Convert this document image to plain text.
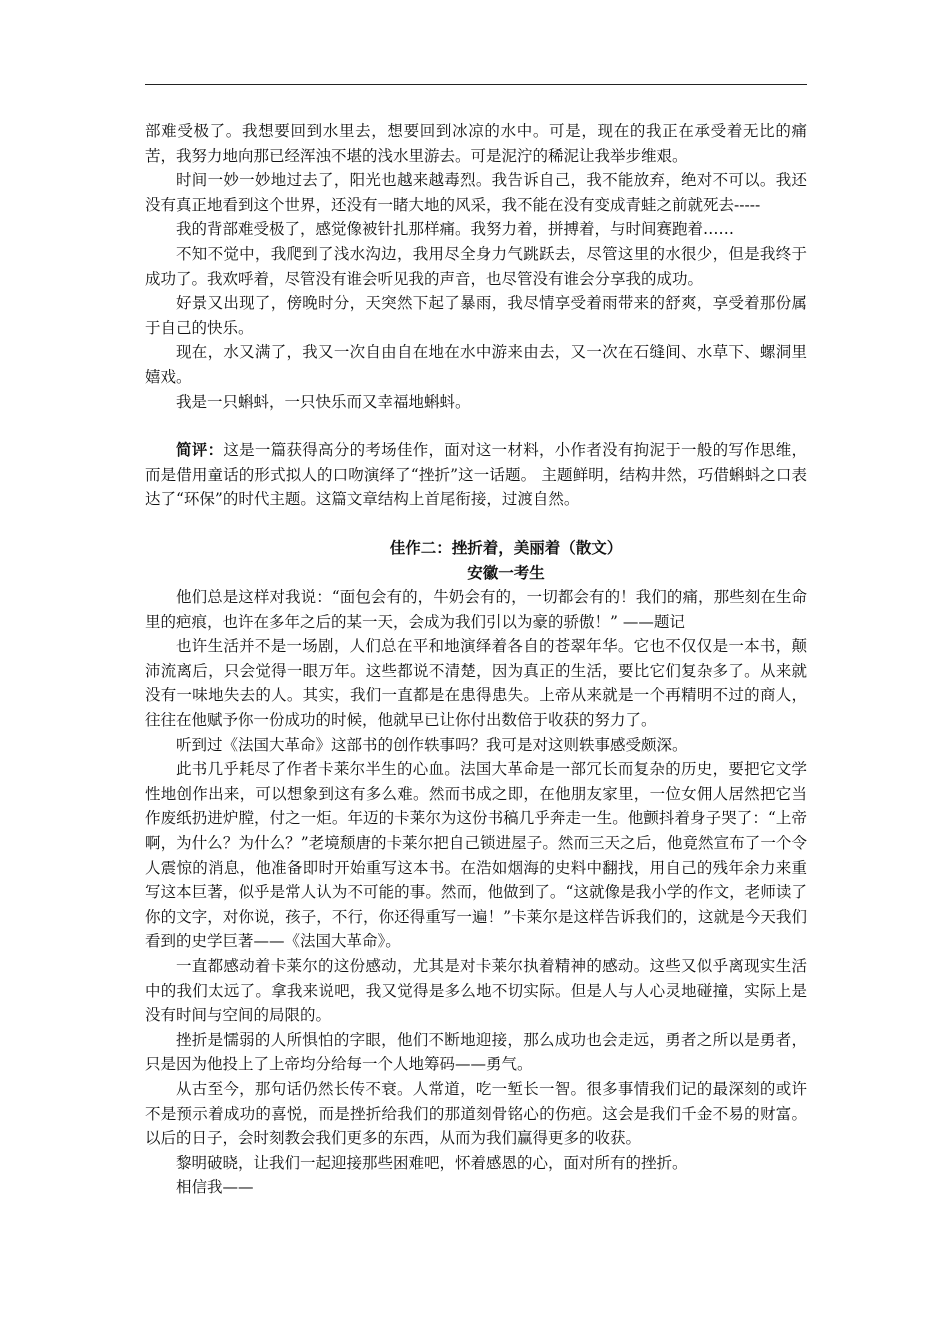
部难受极了。我想要回到水里去，想要回到冰凉的水中。可是，现在的我正在承受着无比的痛苦，我努力地向那已经浑浊不堪的浅水里游去。可是泥泞的稀泥让我举步维艰。

时间一妙一妙地过去了，阳光也越来越毒烈。我告诉自己，我不能放弃，绝对不可以。我还没有真正地看到这个世界，还没有一睹大地的风采，我不能在没有变成青蛙之前就死去-----

我的背部难受极了，感觉像被针扎那样痛。我努力着，拼搏着，与时间赛跑着……

不知不觉中，我爬到了浅水沟边，我用尽全身力气跳跃去，尽管这里的水很少，但是我终于成功了。我欢呼着，尽管没有谁会听见我的声音，也尽管没有谁会分享我的成功。

好景又出现了，傍晚时分，天突然下起了暴雨，我尽情享受着雨带来的舒爽，享受着那份属于自己的快乐。

现在，水又满了，我又一次自由自在地在水中游来由去，又一次在石缝间、水草下、螺洞里嬉戏。

我是一只蝌蚪，一只快乐而又幸福地蝌蚪。

简评：这是一篇获得高分的考场佳作，面对这一材料，小作者没有拘泥于一般的写作思维，而是借用童话的形式拟人的口吻演绎了“挫折”这一话题。 主题鲜明，结构井然，巧借蝌蚪之口表达了“环保”的时代主题。这篇文章结构上首尾衔接，过渡自然。

佳作二：挫折着，美丽着（散文）

安徽一考生

他们总是这样对我说：“面包会有的，牛奶会有的，一切都会有的！我们的痛，那些刻在生命里的疤痕，也许在多年之后的某一天，会成为我们引以为豪的骄傲！” ——题记

也许生活并不是一场剧，人们总在平和地演绎着各自的苍翠年华。它也不仅仅是一本书，颠沛流离后，只会觉得一眼万年。这些都说不清楚，因为真正的生活，要比它们复杂多了。从来就没有一味地失去的人。其实，我们一直都是在患得患失。上帝从来就是一个再精明不过的商人，往往在他赋予你一份成功的时候，他就早已让你付出数倍于收获的努力了。

听到过《法国大革命》这部书的创作轶事吗？我可是对这则轶事感受颇深。

此书几乎耗尽了作者卡莱尔半生的心血。法国大革命是一部冗长而复杂的历史，要把它文学性地创作出来，可以想象到这有多么难。然而书成之即，在他朋友家里，一位女佣人居然把它当作废纸扔进炉膛，付之一炬。年迈的卡莱尔为这份书稿几乎奔走一生。他颤抖着身子哭了：“上帝啊，为什么？为什么？”老境颓唐的卡莱尔把自己锁进屋子。然而三天之后，他竟然宣布了一个令人震惊的消息，他准备即时开始重写这本书。在浩如烟海的史料中翻找，用自己的残年余力来重写这本巨著，似乎是常人认为不可能的事。然而，他做到了。“这就像是我小学的作文，老师读了你的文字，对你说，孩子，不行，你还得重写一遍！”卡莱尔是这样告诉我们的，这就是今天我们看到的史学巨著——《法国大革命》。

一直都感动着卡莱尔的这份感动，尤其是对卡莱尔执着精神的感动。这些又似乎离现实生活中的我们太远了。拿我来说吧，我又觉得是多么地不切实际。但是人与人心灵地碰撞，实际上是没有时间与空间的局限的。

挫折是懦弱的人所惧怕的字眼，他们不断地迎接，那么成功也会走远，勇者之所以是勇者，只是因为他投上了上帝均分给每一个人地筹码——勇气。

从古至今，那句话仍然长传不衰。人常道，吃一堑长一智。很多事情我们记的最深刻的或许不是预示着成功的喜悦，而是挫折给我们的那道刻骨铭心的伤疤。这会是我们千金不易的财富。以后的日子，会时刻教会我们更多的东西，从而为我们赢得更多的收获。

黎明破晓，让我们一起迎接那些困难吧，怀着感恩的心，面对所有的挫折。

相信我——
